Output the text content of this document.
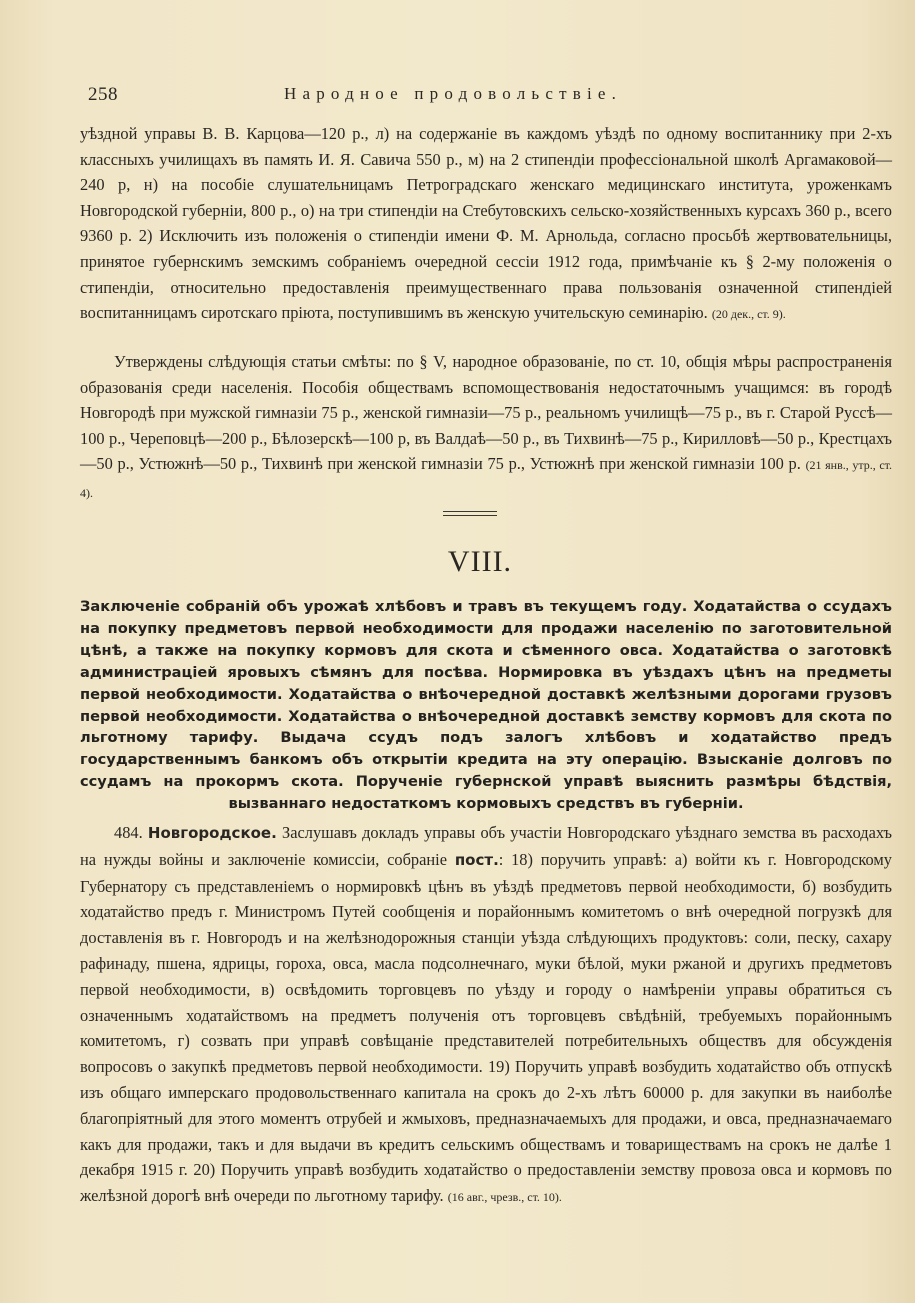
258	Народное продовольствiе.

уѣздной управы В. В. Карцова—120 р., л) на содержанiе въ каждомъ уѣздѣ по одному воспитаннику при 2-хъ классныхъ училищахъ въ память И. Я. Савича 550 р., м) на 2 стипендiи профессiональной школѣ Аргамаковой—240 р, н) на пособiе слушательницамъ Петроградскаго женскаго медицинскаго института, уроженкамъ Новгородской губернiи, 800 р., о) на три стипендiи на Стебутовскихъ сельско-хозяйственныхъ курсахъ 360 р., всего 9360 р. 2) Исключить изъ положенiя о стипендiи имени Ф. М. Арнольда, согласно просьбѣ жертвовательницы, принятое губернскимъ земскимъ собранiемъ очередной сессiи 1912 года, примѣчанiе къ § 2-му положенiя о стипендiи, относительно предоставленiя преимущественнаго права пользованiя означенной стипендiей воспитанницамъ сиротскаго прiюта, поступившимъ въ женскую учительскую семинарiю. (20 дек., ст. 9).

Утверждены слѣдующiя статьи смѣты: по § V, народное образованiе, по ст. 10, общiя мѣры распространенiя образованiя среди населенiя. Пособiя обществамъ вспомоществованiя недостаточнымъ учащимся: въ городѣ Новгородѣ при мужской гимназiи 75 р., женской гимназiи—75 р., реальномъ училищѣ—75 р., въ г. Старой Руссѣ—100 р., Череповцѣ—200 р., Бѣлозерскѣ—100 р, въ Валдаѣ—50 р., въ Тихвинѣ—75 р., Кирилловѣ—50 р., Крестцахъ—50 р., Устюжнѣ—50 р., Тихвинѣ при женской гимназiи 75 р., Устюжнѣ при женской гимназiи 100 р. (21 янв., утр., ст. 4).

VIII.
Заключенiе собранiй объ урожаѣ хлѣбовъ и травъ въ текущемъ году. Ходатайства о ссудахъ на покупку предметовъ первой необходимости для продажи населенiю по заготовительной цѣнѣ, а также на покупку кормовъ для скота и сѣменного овса. Ходатайства о заготовкѣ администрацiей яровыхъ сѣмянъ для посѣва. Нормировка въ уѣздахъ цѣнъ на предметы первой необходимости. Ходатайства о внѣочередной доставкѣ желѣзными дорогами грузовъ первой необходимости. Ходатайства о внѣочередной доставкѣ земству кормовъ для скота по льготному тарифу. Выдача ссудъ подъ залогъ хлѣбовъ и ходатайство предъ государственнымъ банкомъ объ открытiи кредита на эту операцiю. Взысканiе долговъ по ссудамъ на прокормъ скота. Порученiе губернской управѣ выяснить размѣры бѣдствiя, вызваннаго недостаткомъ кормовыхъ средствъ въ губернiи.

484. Новгородское. Заслушавъ докладъ управы объ участiи Новгородскаго уѣзднаго земства въ расходахъ на нужды войны и заключенiе комиссiи, собранiе пост.: 18) поручить управѣ: а) войти къ г. Новгородскому Губернатору съ представленiемъ о нормировкѣ цѣнъ въ уѣздѣ предметовъ первой необходимости, б) возбудить ходатайство предъ г. Министромъ Путей сообщенiя и порайоннымъ комитетомъ о внѣ очередной погрузкѣ для доставленiя въ г. Новгородъ и на желѣзнодорожныя станцiи уѣзда слѣдующихъ продуктовъ: соли, песку, сахару рафинаду, пшена, ядрицы, гороха, овса, масла подсолнечнаго, муки бѣлой, муки ржаной и другихъ предметовъ первой необходимости, в) освѣдомить торговцевъ по уѣзду и городу о намѣренiи управы обратиться съ означеннымъ ходатайствомъ на предметъ полученiя отъ торговцевъ свѣдѣнiй, требуемыхъ порайоннымъ комитетомъ, г) созвать при управѣ совѣщанiе представителей потребительныхъ обществъ для обсужденiя вопросовъ о закупкѣ предметовъ первой необходимости. 19) Поручить управѣ возбудить ходатайство объ отпускѣ изъ общаго имперскаго продовольственнаго капитала на срокъ до 2-хъ лѣтъ 60000 р. для закупки въ наиболѣе благопрiятный для этого моментъ отрубей и жмыховъ, предназначаемыхъ для продажи, и овса, предназначаемаго какъ для продажи, такъ и для выдачи въ кредитъ сельскимъ обществамъ и товариществамъ на срокъ не далѣе 1 декабря 1915 г. 20) Поручить управѣ возбудить ходатайство о предоставленiи земству провоза овса и кормовъ по желѣзной дорогѣ внѣ очереди по льготному тарифу. (16 авг., чрезв., ст. 10).
